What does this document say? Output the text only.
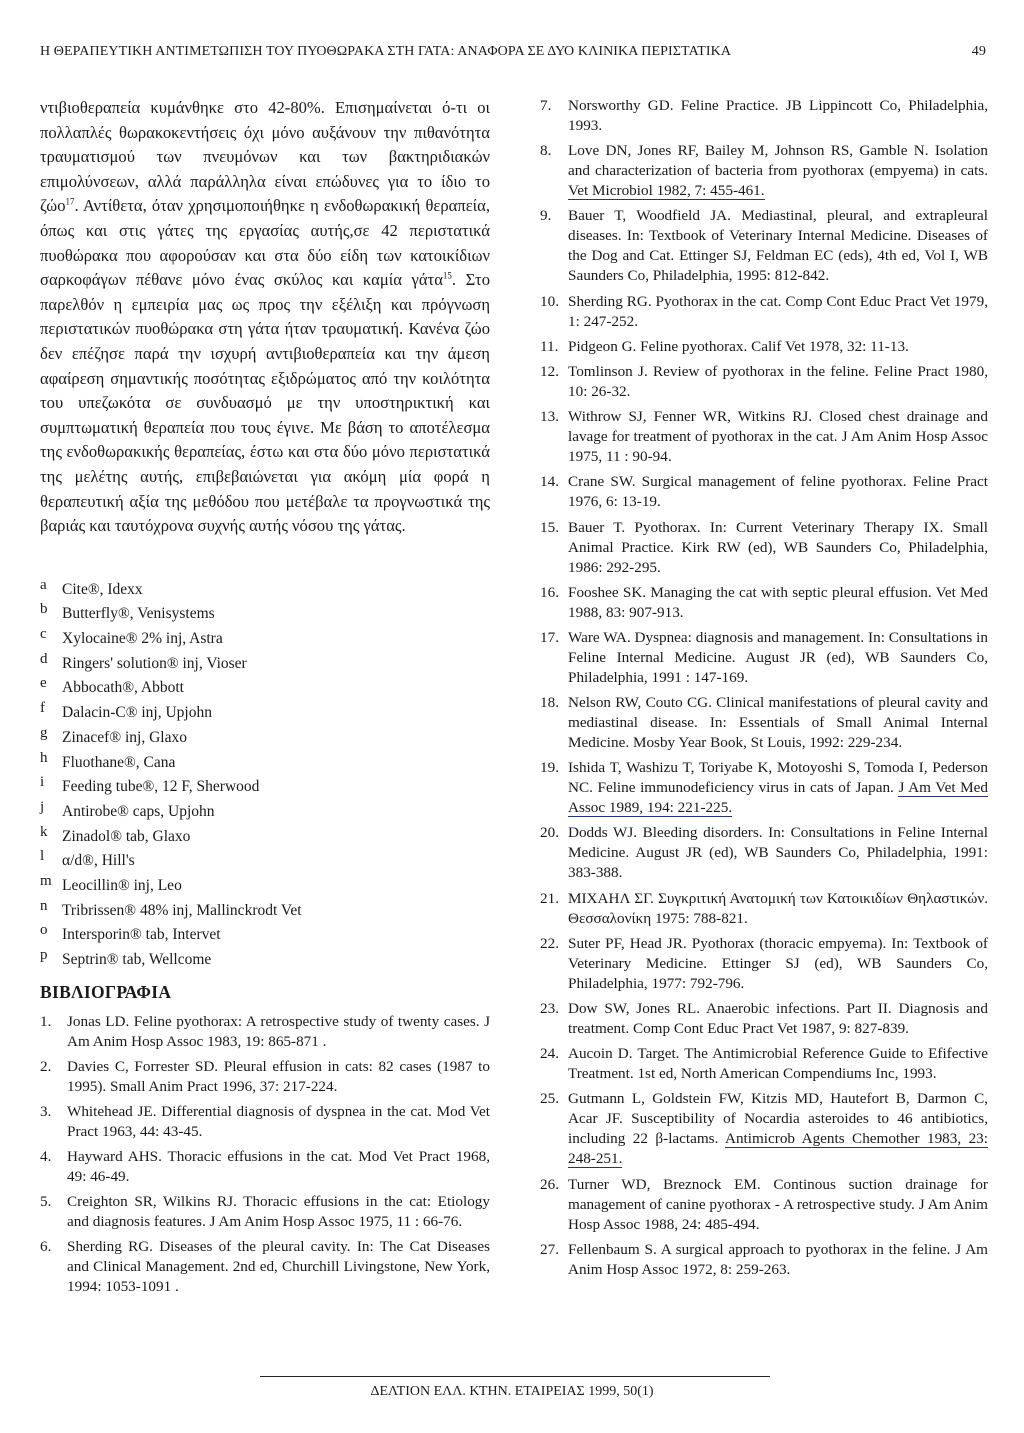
Η ΘΕΡΑΠΕΥΤΙΚΗ ΑΝΤΙΜΕΤΩΠΙΣΗ ΤΟΥ ΠΥΟΘΩΡΑΚΑ ΣΤΗ ΓΑΤΑ: ΑΝΑΦΟΡΑ ΣΕ ΔΥΟ ΚΛΙΝΙΚΑ ΠΕΡΙΣΤΑΤΙΚΑ	49

ντιβιοθεραπεία κυμάνθηκε στο 42-80%. Επισημαίνεται ό-τι οι πολλαπλές θωρακοκεντήσεις όχι μόνο αυξάνουν την πιθανότητα τραυματισμού των πνευμόνων και των βακτηριδιακών επιμολύνσεων, αλλά παράλληλα είναι επώδυνες για το ίδιο το ζώο$^{17}$. Αντίθετα, όταν χρησιμοποιήθηκε η ενδοθωρακική θεραπεία, όπως και στις γάτες της εργασίας αυτής,σε 42 περιστατικά πυοθώρακα που αφορούσαν και στα δύο είδη των κατοικίδιων σαρκοφάγων πέθανε μόνο ένας σκύλος και καμία γάτα$^{15}$. Στο παρελθόν η εμπειρία μας ως προς την εξέλιξη και πρόγνωση περιστατικών πυοθώρακα στη γάτα ήταν τραυματική. Κανένα ζώο δεν επέζησε παρά την ισχυρή αντιβιοθεραπεία και την άμεση αφαίρεση σημαντικής ποσότητας εξιδρώματος από την κοιλότητα του υπεζωκότα σε συνδυασμό με την υποστηρικτική και συμπτωματική θεραπεία που τους έγινε. Με βάση το αποτέλεσμα της ενδοθωρακικής θεραπείας, έστω και στα δύο μόνο περιστατικά της μελέτης αυτής, επιβεβαιώνεται για ακόμη μία φορά η θεραπευτική αξία της μεθόδου που μετέβαλε τα προγνωστικά της βαριάς και ταυτόχρονα συχνής αυτής νόσου της γάτας.

a Cite®, Idexx
b Butterfly®, Venisystems
c Xylocaine® 2% inj, Astra
d Ringers' solution® inj, Vioser
e Abbocath®, Abbott
f Dalacin-C® inj, Upjohn
g Zinacef® inj, Glaxo
h Fluothane®, Cana
i Feeding tube®, 12 F, Sherwood
j Antirobe® caps, Upjohn
k Zinadol® tab, Glaxo
l α/d®, Hill's
m Leocillin® inj, Leo
n Tribrissen® 48% inj, Mallinckrodt Vet
o Intersporin® tab, Intervet
p Septrin® tab, Wellcome
ΒΙΒΛΙΟΓΡΑΦΙΑ
1. Jonas LD. Feline pyothorax: A retrospective study of twenty cases. J Am Anim Hosp Assoc 1983, 19: 865-871 .
2. Davies C, Forrester SD. Pleural effusion in cats: 82 cases (1987 to 1995). Small Anim Pract 1996, 37: 217-224.
3. Whitehead JE. Differential diagnosis of dyspnea in the cat. Mod Vet Pract 1963, 44: 43-45.
4. Hayward AHS. Thoracic effusions in the cat. Mod Vet Pract 1968, 49: 46-49.
5. Creighton SR, Wilkins RJ. Thoracic effusions in the cat: Etiology and diagnosis features. J Am Anim Hosp Assoc 1975, 11 : 66-76.
6. Sherding RG. Diseases of the pleural cavity. In: The Cat Diseases and Clinical Management. 2nd ed, Churchill Livingstone, New York, 1994: 1053-1091 .
7. Norsworthy GD. Feline Practice. JB Lippincott Co, Philadelphia, 1993.
8. Love DN, Jones RF, Bailey M, Johnson RS, Gamble N. Isolation and characterization of bacteria from pyothorax (empyema) in cats. Vet Microbiol 1982, 7: 455-461.
9. Bauer T, Woodfield JA. Mediastinal, pleural, and extrapleural diseases. In: Textbook of Veterinary Internal Medicine. Diseases of the Dog and Cat. Ettinger SJ, Feldman EC (eds), 4th ed, Vol I, WB Saunders Co, Philadelphia, 1995: 812-842.
10. Sherding RG. Pyothorax in the cat. Comp Cont Educ Pract Vet 1979, 1: 247-252.
11. Pidgeon G. Feline pyothorax. Calif Vet 1978, 32: 11-13.
12. Tomlinson J. Review of pyothorax in the feline. Feline Pract 1980, 10: 26-32.
13. Withrow SJ, Fenner WR, Witkins RJ. Closed chest drainage and lavage for treatment of pyothorax in the cat. J Am Anim Hosp Assoc 1975, 11 : 90-94.
14. Crane SW. Surgical management of feline pyothorax. Feline Pract 1976, 6: 13-19.
15. Bauer T. Pyothorax. In: Current Veterinary Therapy IX. Small Animal Practice. Kirk RW (ed), WB Saunders Co, Philadelphia, 1986: 292-295.
16. Fooshee SK. Managing the cat with septic pleural effusion. Vet Med 1988, 83: 907-913.
17. Ware WA. Dyspnea: diagnosis and management. In: Consultations in Feline Internal Medicine. August JR (ed), WB Saunders Co, Philadelphia, 1991 : 147-169.
18. Nelson RW, Couto CG. Clinical manifestations of pleural cavity and mediastinal disease. In: Essentials of Small Animal Internal Medicine. Mosby Year Book, St Louis, 1992: 229-234.
19. Ishida T, Washizu T, Toriyabe K, Motoyoshi S, Tomoda I, Pederson NC. Feline immunodeficiency virus in cats of Japan. J Am Vet Med Assoc 1989, 194: 221-225.
20. Dodds WJ. Bleeding disorders. In: Consultations in Feline Internal Medicine. August JR (ed), WB Saunders Co, Philadelphia, 1991: 383-388.
21. ΜΙΧΑΗΛ ΣΓ. Συγκριτική Ανατομική των Κατοικιδίων Θηλαστικών. Θεσσαλονίκη 1975: 788-821.
22. Suter PF, Head JR. Pyothorax (thoracic empyema). In: Textbook of Veterinary Medicine. Ettinger SJ (ed), WB Saunders Co, Philadelphia, 1977: 792-796.
23. Dow SW, Jones RL. Anaerobic infections. Part II. Diagnosis and treatment. Comp Cont Educ Pract Vet 1987, 9: 827-839.
24. Aucoin D. Target. The Antimicrobial Reference Guide to Efifective Treatment. 1st ed, North American Compendiums Inc, 1993.
25. Gutmann L, Goldstein FW, Kitzis MD, Hautefort B, Darmon C, Acar JF. Susceptibility of Nocardia asteroides to 46 antibiotics, including 22 β-lactams. Antimicrob Agents Chemother 1983, 23: 248-251.
26. Turner WD, Breznock EM. Continous suction drainage for management of canine pyothorax - A retrospective study. J Am Anim Hosp Assoc 1988, 24: 485-494.
27. Fellenbaum S. A surgical approach to pyothorax in the feline. J Am Anim Hosp Assoc 1972, 8: 259-263.
ΔΕΛΤΙΟΝ ΕΛΛ. ΚΤΗΝ. ΕΤΑΙΡΕΙΑΣ 1999, 50(1)
